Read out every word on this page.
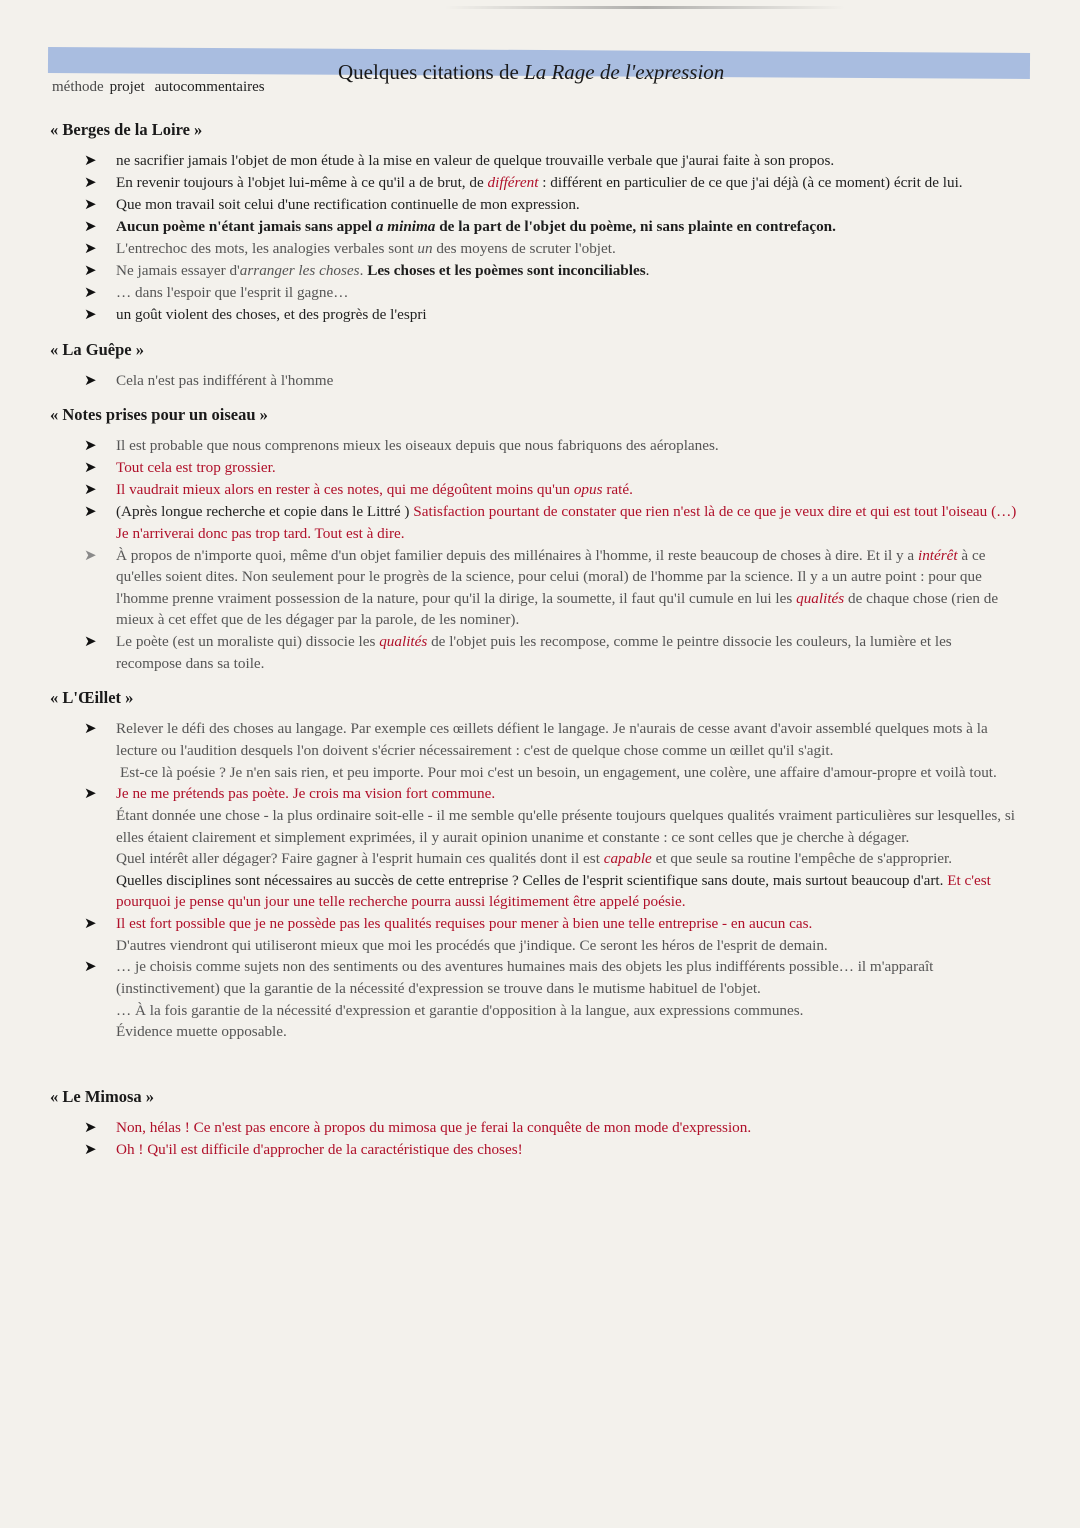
Quelques citations de La Rage de l'expression
méthode projet autocommentaires
« Berges de la Loire »
➤ ne sacrifier jamais l'objet de mon étude à la mise en valeur de quelque trouvaille verbale que j'aurai faite à son propos.
➤ En revenir toujours à l'objet lui-même à ce qu'il a de brut, de différent : différent en particulier de ce que j'ai déjà (à ce moment) écrit de lui.
➤ Que mon travail soit celui d'une rectification continuelle de mon expression.
➤ Aucun poème n'étant jamais sans appel a minima de la part de l'objet du poème, ni sans plainte en contrefaçon.
➤ L'entrechoc des mots, les analogies verbales sont un des moyens de scruter l'objet.
➤ Ne jamais essayer d'arranger les choses. Les choses et les poèmes sont inconciliables.
➤ … dans l'espoir que l'esprit il gagne…
➤ un goût violent des choses, et des progrès de l'espri
« La Guêpe »
➤ Cela n'est pas indifférent à l'homme
« Notes prises pour un oiseau »
➤ Il est probable que nous comprenons mieux les oiseaux depuis que nous fabriquons des aéroplanes.
➤ Tout cela est trop grossier.
➤ Il vaudrait mieux alors en rester à ces notes, qui me dégoûtent moins qu'un opus raté.
➤ (Après longue recherche et copie dans le Littré ) Satisfaction pourtant de constater que rien n'est là de ce que je veux dire et qui est tout l'oiseau (…) Je n'arriverai donc pas trop tard. Tout est à dire.
➤ À propos de n'importe quoi, même d'un objet familier depuis des millénaires à l'homme, il reste beaucoup de choses à dire. Et il y a intérêt à ce qu'elles soient dites. Non seulement pour le progrès de la science, pour celui (moral) de l'homme par la science. Il y a un autre point : pour que l'homme prenne vraiment possession de la nature, pour qu'il la dirige, la soumette, il faut qu'il cumule en lui les qualités de chaque chose (rien de mieux à cet effet que de les dégager par la parole, de les nominer).
➤ Le poète (est un moraliste qui) dissocie les qualités de l'objet puis les recompose, comme le peintre dissocie les couleurs, la lumière et les recompose dans sa toile.
« L'Œillet »
➤ Relever le défi des choses au langage. Par exemple ces œillets défient le langage. Je n'aurais de cesse avant d'avoir assemblé quelques mots à la lecture ou l'audition desquels l'on doivent s'écrier nécessairement : c'est de quelque chose comme un œillet qu'il s'agit.
Est-ce là poésie ? Je n'en sais rien, et peu importe. Pour moi c'est un besoin, un engagement, une colère, une affaire d'amour-propre et voilà tout.
➤ Je ne me prétends pas poète. Je crois ma vision fort commune.
Étant donnée une chose - la plus ordinaire soit-elle - il me semble qu'elle présente toujours quelques qualités vraiment particulières sur lesquelles, si elles étaient clairement et simplement exprimées, il y aurait opinion unanime et constante : ce sont celles que je cherche à dégager.
Quel intérêt aller dégager? Faire gagner à l'esprit humain ces qualités dont il est capable et que seule sa routine l'empêche de s'approprier.
Quelles disciplines sont nécessaires au succès de cette entreprise ? Celles de l'esprit scientifique sans doute, mais surtout beaucoup d'art. Et c'est pourquoi je pense qu'un jour une telle recherche pourra aussi légitimement être appelé poésie.
➤ Il est fort possible que je ne possède pas les qualités requises pour mener à bien une telle entreprise - en aucun cas.
D'autres viendront qui utiliseront mieux que moi les procédés que j'indique. Ce seront les héros de l'esprit de demain.
➤ … je choisis comme sujets non des sentiments ou des aventures humaines mais des objets les plus indifférents possible… il m'apparaît (instinctivement) que la garantie de la nécessité d'expression se trouve dans le mutisme habituel de l'objet.
… À la fois garantie de la nécessité d'expression et garantie d'opposition à la langue, aux expressions communes.
Évidence muette opposable.
« Le Mimosa »
➤ Non, hélas ! Ce n'est pas encore à propos du mimosa que je ferai la conquête de mon mode d'expression.
➤ Oh ! Qu'il est difficile d'approcher de la caractéristique des choses!
